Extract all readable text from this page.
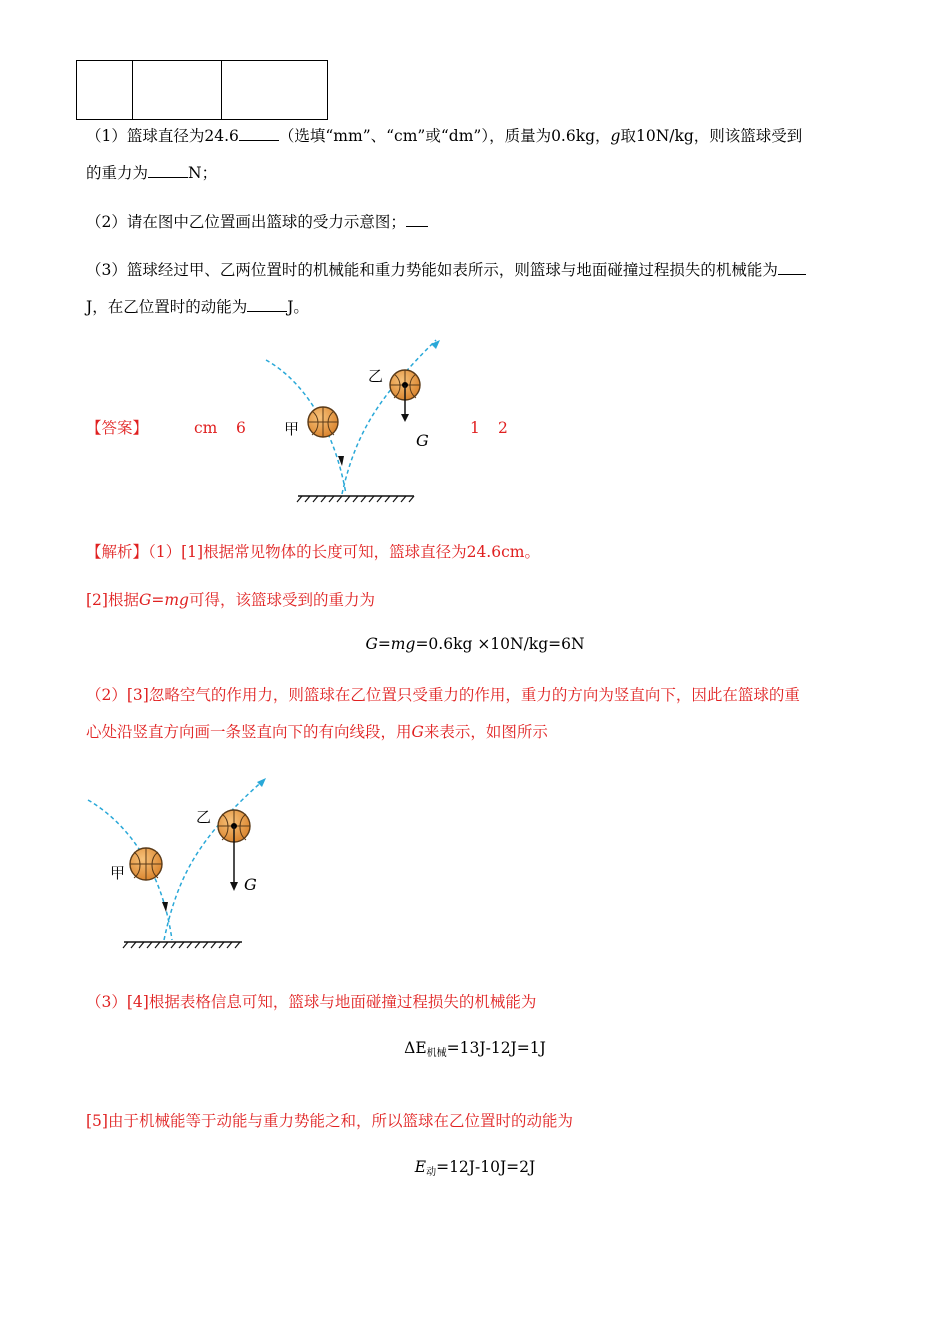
（1）篮球直径为24.6	（选填“mm”、“cm”或“dm”），质量为0.6kg，g取10N/kg，则该篮球受到
的重力为	N；
（2）请在图中乙位置画出篮球的受力示意图；
（3）篮球经过甲、乙两位置时的机械能和重力势能如表所示，则篮球与地面碰撞过程损失的机械能为
J，在乙位置时的动能为	J。
【答案】	cm 6	1 2
甲
乙
G
【解析】（1）[1]根据常见物体的长度可知，篮球直径为24.6cm。
[2]根据G=mg可得，该篮球受到的重力为
G=mg=0.6kg ×10N/kg=6N
（2）[3]忽略空气的作用力，则篮球在乙位置只受重力的作用，重力的方向为竖直向下，因此在篮球的重
心处沿竖直方向画一条竖直向下的有向线段，用G来表示，如图所示
甲
乙
G
（3）[4]根据表格信息可知，篮球与地面碰撞过程损失的机械能为
$\Delta E_{机械}=13J-12J=1J$
[5]由于机械能等于动能与重力势能之和，所以篮球在乙位置时的动能为
$E_动=12J-10J=2J$
